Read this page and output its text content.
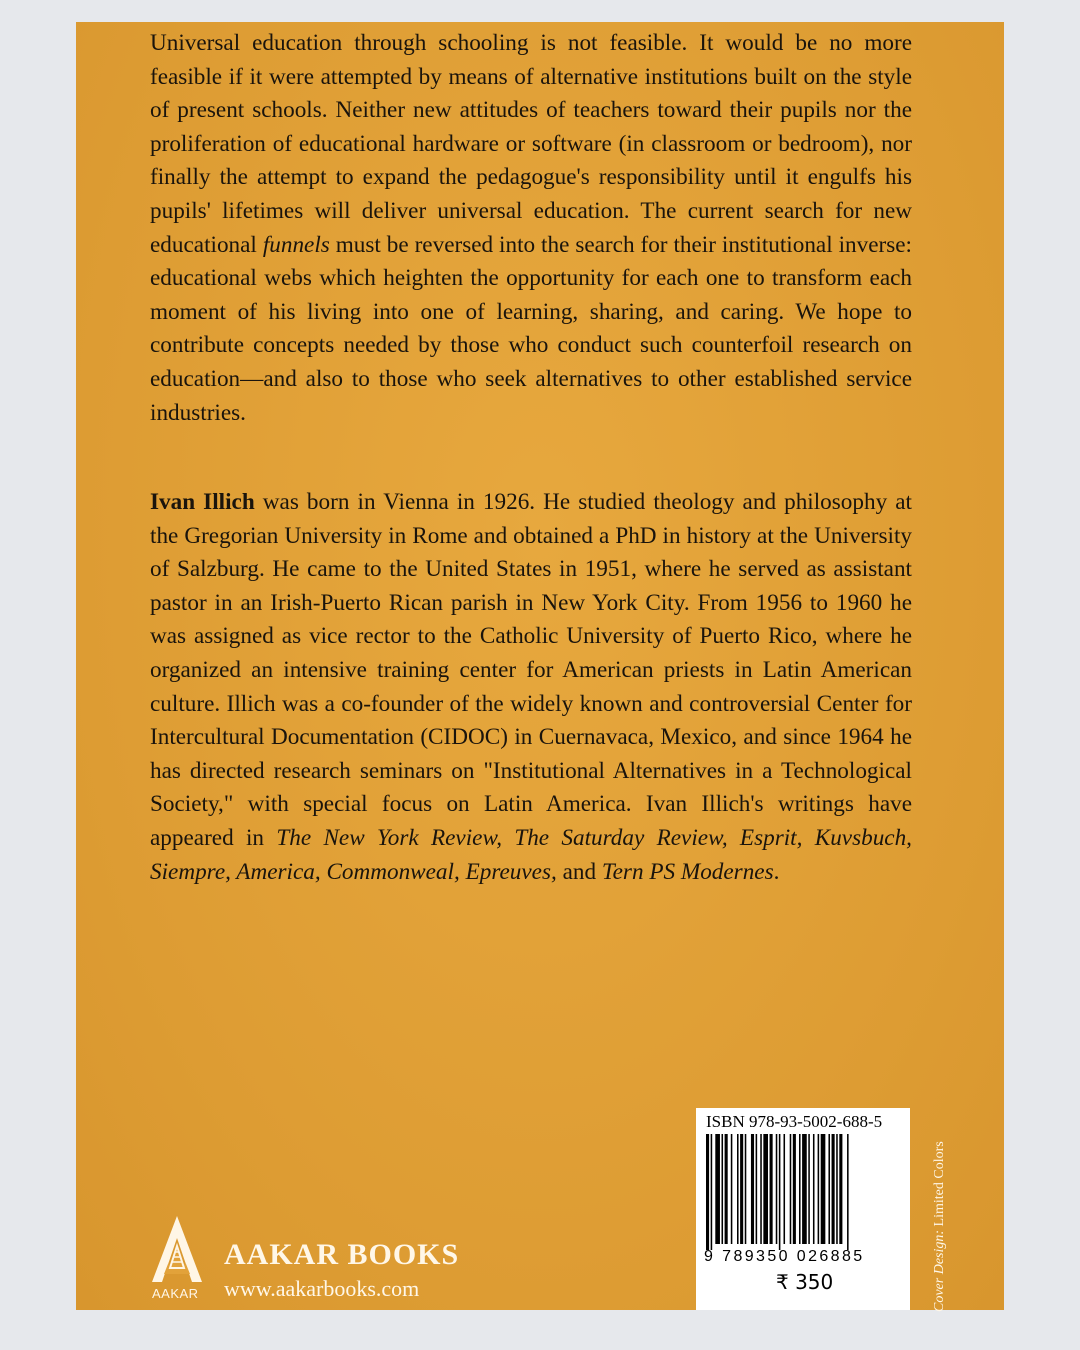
Universal education through schooling is not feasible. It would be no more feasible if it were attempted by means of alternative institutions built on the style of present schools. Neither new attitudes of teachers toward their pupils nor the proliferation of educational hardware or software (in classroom or bedroom), nor finally the attempt to expand the pedagogue's responsibility until it engulfs his pupils' lifetimes will deliver universal education. The current search for new educational funnels must be reversed into the search for their institutional inverse: educational webs which heighten the opportunity for each one to transform each moment of his living into one of learning, sharing, and caring. We hope to contribute concepts needed by those who conduct such counterfoil research on education—and also to those who seek alternatives to other established service industries.

Ivan Illich was born in Vienna in 1926. He studied theology and philosophy at the Gregorian University in Rome and obtained a PhD in history at the University of Salzburg. He came to the United States in 1951, where he served as assistant pastor in an Irish-Puerto Rican parish in New York City. From 1956 to 1960 he was assigned as vice rector to the Catholic University of Puerto Rico, where he organized an intensive training center for American priests in Latin American culture. Illich was a co-founder of the widely known and controversial Center for Intercultural Documentation (CIDOC) in Cuernavaca, Mexico, and since 1964 he has directed research seminars on "Institutional Alternatives in a Technological Society," with special focus on Latin America. Ivan Illich's writings have appeared in The New York Review, The Saturday Review, Esprit, Kuvsbuch, Siempre, America, Commonweal, Epreuves, and Tern PS Modernes.

AAKAR
AAKAR BOOKS
www.aakarbooks.com
ISBN 978-93-5002-688-5
9 789350 026885
₹ 350	Cover Design: Limited Colors
